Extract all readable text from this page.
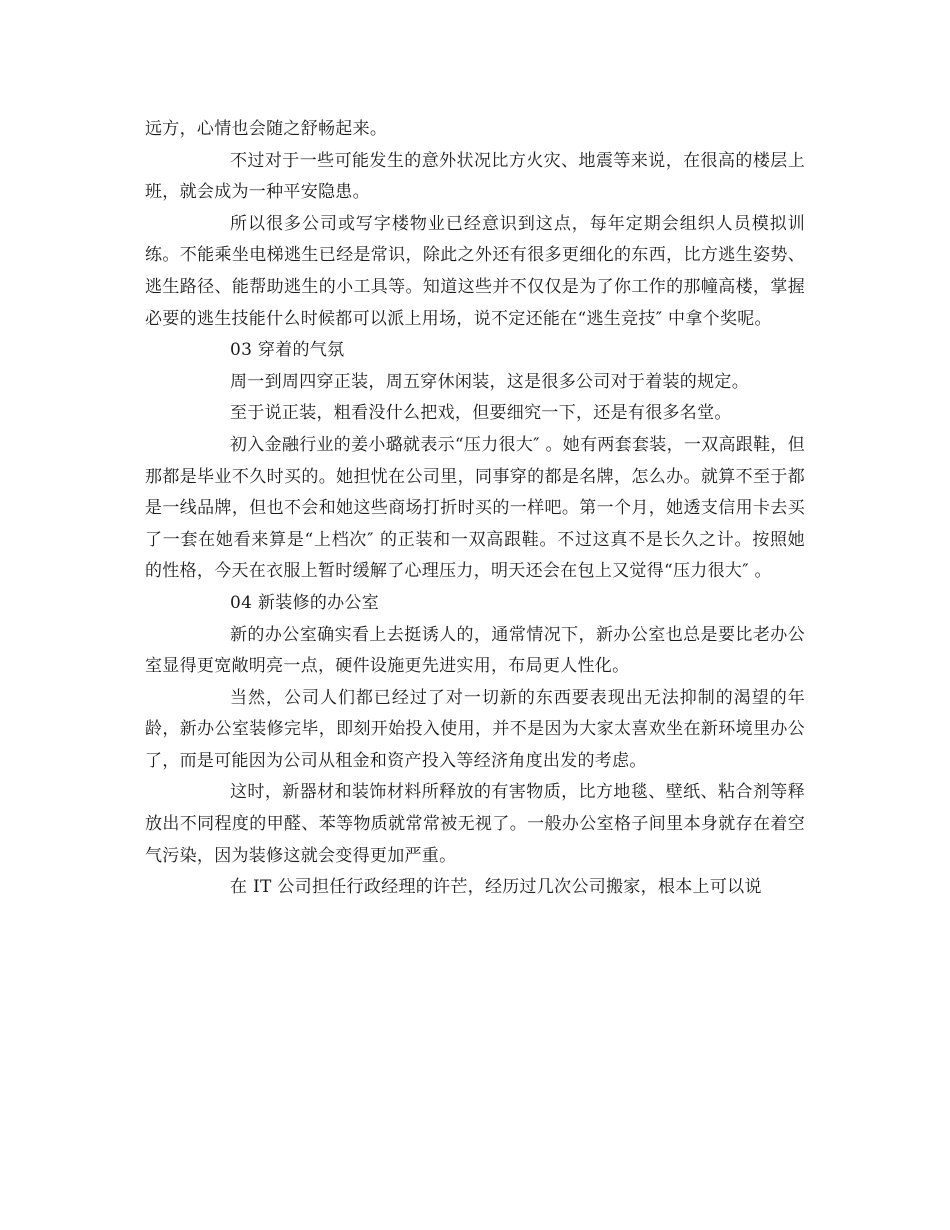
远方，心情也会随之舒畅起来。

不过对于一些可能发生的意外状况比方火灾、地震等来说，在很高的楼层上班，就会成为一种平安隐患。

所以很多公司或写字楼物业已经意识到这点，每年定期会组织人员模拟训练。不能乘坐电梯逃生已经是常识，除此之外还有很多更细化的东西，比方逃生姿势、逃生路径、能帮助逃生的小工具等。知道这些并不仅仅是为了你工作的那幢高楼，掌握必要的逃生技能什么时候都可以派上用场，说不定还能在“逃生竞技″ 中拿个奖呢。

03 穿着的气氛

周一到周四穿正装，周五穿休闲装，这是很多公司对于着装的规定。

至于说正装，粗看没什么把戏，但要细究一下，还是有很多名堂。

初入金融行业的姜小璐就表示“压力很大″ 。她有两套套装，一双高跟鞋，但那都是毕业不久时买的。她担忧在公司里，同事穿的都是名牌，怎么办。就算不至于都是一线品牌，但也不会和她这些商场打折时买的一样吧。第一个月，她透支信用卡去买了一套在她看来算是“上档次″ 的正装和一双高跟鞋。不过这真不是长久之计。按照她的性格，今天在衣服上暂时缓解了心理压力，明天还会在包上又觉得“压力很大″ 。

04 新装修的办公室

新的办公室确实看上去挺诱人的，通常情况下，新办公室也总是要比老办公室显得更宽敞明亮一点，硬件设施更先进实用，布局更人性化。

当然，公司人们都已经过了对一切新的东西要表现出无法抑制的渴望的年龄，新办公室装修完毕，即刻开始投入使用，并不是因为大家太喜欢坐在新环境里办公了，而是可能因为公司从租金和资产投入等经济角度出发的考虑。

这时，新器材和装饰材料所释放的有害物质，比方地毯、壁纸、粘合剂等释放出不同程度的甲醛、苯等物质就常常被无视了。一般办公室格子间里本身就存在着空气污染，因为装修这就会变得更加严重。

在 IT 公司担任行政经理的许芒，经历过几次公司搬家，根本上可以说
